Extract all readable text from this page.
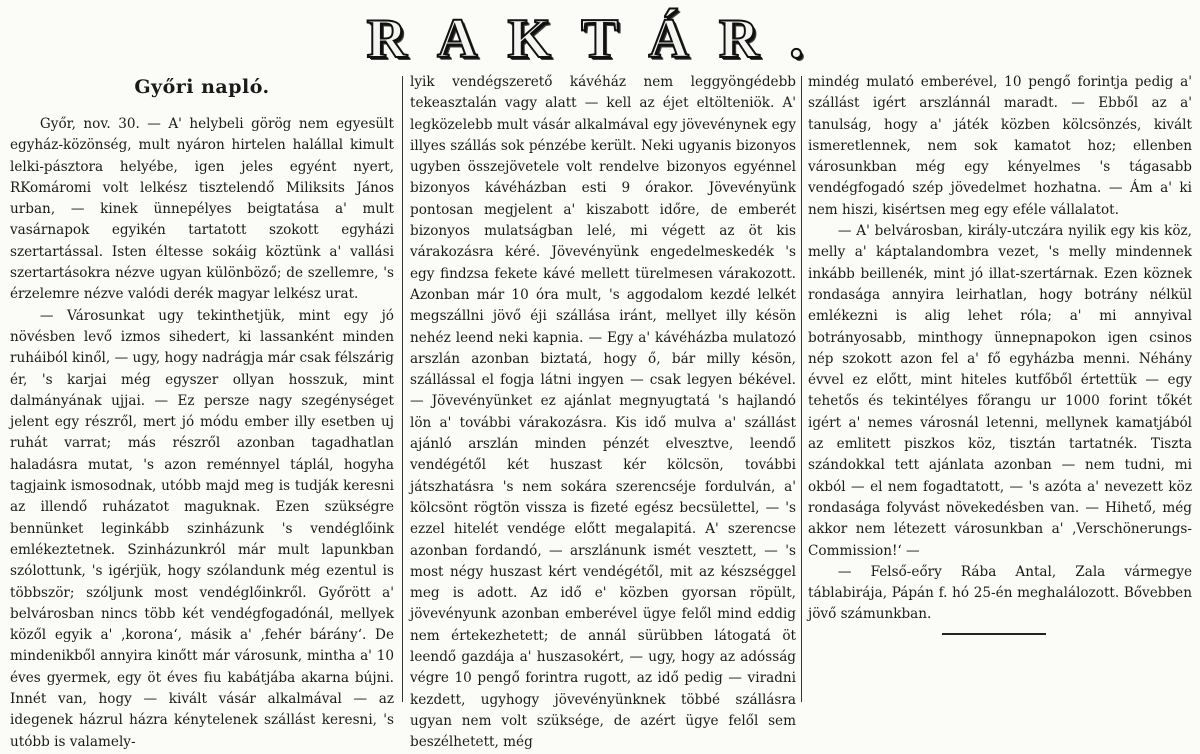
RAKTÁR.

Győri napló.

Győr, nov. 30. — A' helybeli görög nem egyesült egyház-közönség, mult nyáron hirtelen halállal kimult lelki-pásztora helyébe, igen jeles egyént nyert, RKomáromi volt lelkész tisztelendő Miliksits János urban, — kinek ünnepélyes beigtatása a' mult vasárnapok egyikén tartatott szokott egyházi szertartással. Isten éltesse sokáig köztünk a' vallási szertartásokra nézve ugyan különböző; de szellemre, 's érzelemre nézve valódi derék magyar lelkész urat.

— Városunkat ugy tekinthetjük, mint egy jó növésben levő izmos sihedert, ki lassanként minden ruháiból kinől, — ugy, hogy nadrágja már csak félszárig ér, 's karjai még egyszer ollyan hosszuk, mint dalmányának ujjai. — Ez persze nagy szegénységet jelent egy részről, mert jó módu ember illy esetben uj ruhát varrat; más részről azonban tagadhatlan haladásra mutat, 's azon reménnyel táplál, hogyha tagjaink ismosodnak, utóbb majd meg is tudják keresni az illendő ruházatot maguknak. Ezen szükségre bennünket leginkább szinházunk 's vendéglőink emlékeztetnek. Szinházunkról már mult lapunkban szólottunk, 's igérjük, hogy szólandunk még ezentul is többször; szóljunk most vendéglőinkről. Győrött a' belvárosban nincs több két vendégfogadónál, mellyek közől egyik a' ‚korona‘, másik a' ‚fehér bárány‘. De mindenikből annyira kinőtt már városunk, mintha a' 10 éves gyermek, egy öt éves fiu kabátjába akarna bújni. Innét van, hogy — kivált vásár alkalmával — az idegenek házrul házra kénytelenek szállást keresni, 's utóbb is valamely-

lyik vendégszerető kávéház nem leggyöngédebb tekeasztalán vagy alatt — kell az éjet eltölteniök. A' legközelebb mult vásár alkalmával egy jövevénynek egy illyes szállás sok pénzébe került. Neki ugyanis bizonyos ugyben összejövetele volt rendelve bizonyos egyénnel bizonyos kávéházban esti 9 órakor. Jövevényünk pontosan megjelent a' kiszabott időre, de emberét bizonyos mulatságban lelé, mi végett az öt kis várakozásra kéré. Jövevényünk engedelmeskedék 's egy findzsa fekete kávé mellett türelmesen várakozott. Azonban már 10 óra mult, 's aggodalom kezdé lelkét megszállni jövő éji szállása iránt, mellyet illy késön nehéz leend neki kapnia. — Egy a' kávéházba mulatozó arszlán azonban biztatá, hogy ő, bár milly késön, szállással el fogja látni ingyen — csak legyen békével. — Jövevényünket ez ajánlat megnyugtatá 's hajlandó lön a' további várakozásra. Kis idő mulva a' szállást ajánló arszlán minden pénzét elvesztve, leendő vendégétől két huszast kér kölcsön, további játszhatásra 's nem sokára szerencséje fordulván, a' kölcsönt rögtön vissza is fizeté egész becsülettel, — 's ezzel hitelét vendége előtt megalapitá. A' szerencse azonban fordandó, — arszlánunk ismét vesztett, — 's most négy huszast kért vendégétől, mit az készséggel meg is adott. Az idő e' közben gyorsan röpült, jövevényunk azonban emberével ügye felől mind eddig nem értekezhetett; de annál sürübben látogatá öt leendő gazdája a' huszasokért, — ugy, hogy az adósság végre 10 pengő forintra rugott, az idő pedig — viradni kezdett, ugyhogy jövevényünknek többé szállásra ugyan nem volt szüksége, de azért ügye felől sem beszélhetett, még

mindég mulató emberével, 10 pengő forintja pedig a' szállást igért arszlánnál maradt. — Ebből az a' tanulság, hogy a' játék közben kölcsönzés, kivált ismeretlennek, nem sok kamatot hoz; ellenben városunkban még egy kényelmes 's tágasabb vendégfogadó szép jövedelmet hozhatna. — Ám a' ki nem hiszi, kisértsen meg egy eféle vállalatot.

— A' belvárosban, király-utczára nyilik egy kis köz, melly a' káptalandombra vezet, 's melly mindennek inkább beillenék, mint jó illat-szertárnak. Ezen köznek rondasága annyira leirhatlan, hogy botrány nélkül emlékezni is alig lehet róla; a' mi annyival botrányosabb, minthogy ünnepnapokon igen csinos nép szokott azon fel a' fő egyházba menni. Néhány évvel ez előtt, mint hiteles kutfőből értettük — egy tehetős és tekintélyes főrangu ur 1000 forint tőkét igért a' nemes városnál letenni, mellynek kamatjából az emlitett piszkos köz, tisztán tartatnék. Tiszta szándokkal tett ajánlata azonban — nem tudni, mi okból — el nem fogadtatott, — 's azóta a' nevezett köz rondasága folyvást növekedésben van. — Hihető, még akkor nem létezett városunkban a' ‚Verschönerungs-Commission!‘ —

— Felső-eőry Rába Antal, Zala vármegye táblabirája, Pápán f. hó 25-én meghalálozott. Bővebben jövő számunkban.
